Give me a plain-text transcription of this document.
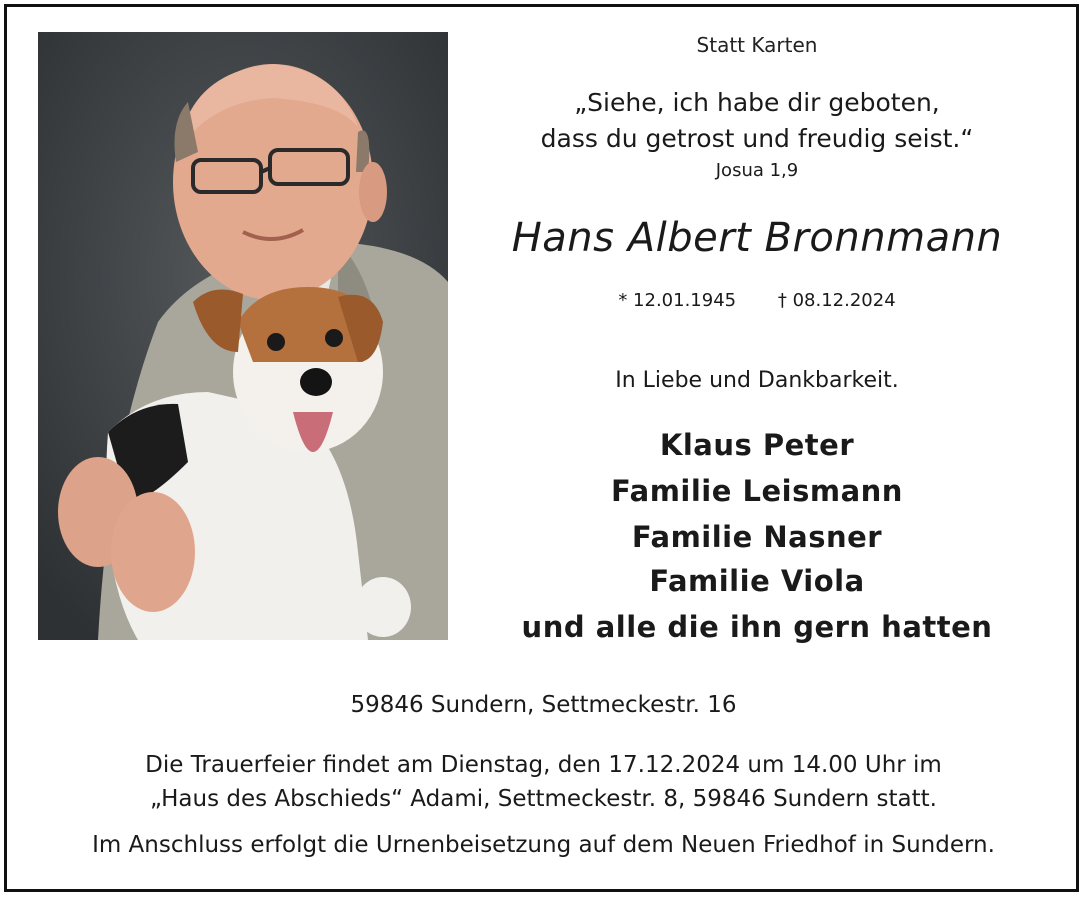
Statt Karten
„Siehe, ich habe dir geboten,
dass du getrost und freudig seist.“
Josua 1,9
Hans Albert Bronnmann
* 12.01.1945 † 08.12.2024
In Liebe und Dankbarkeit.
Klaus Peter
Familie Leismann
Familie Nasner
Familie Viola
und alle die ihn gern hatten
59846 Sundern, Settmeckestr. 16
Die Trauerfeier findet am Dienstag, den 17.12.2024 um 14.00 Uhr im
„Haus des Abschieds“ Adami, Settmeckestr. 8, 59846 Sundern statt.
Im Anschluss erfolgt die Urnenbeisetzung auf dem Neuen Friedhof in Sundern.
